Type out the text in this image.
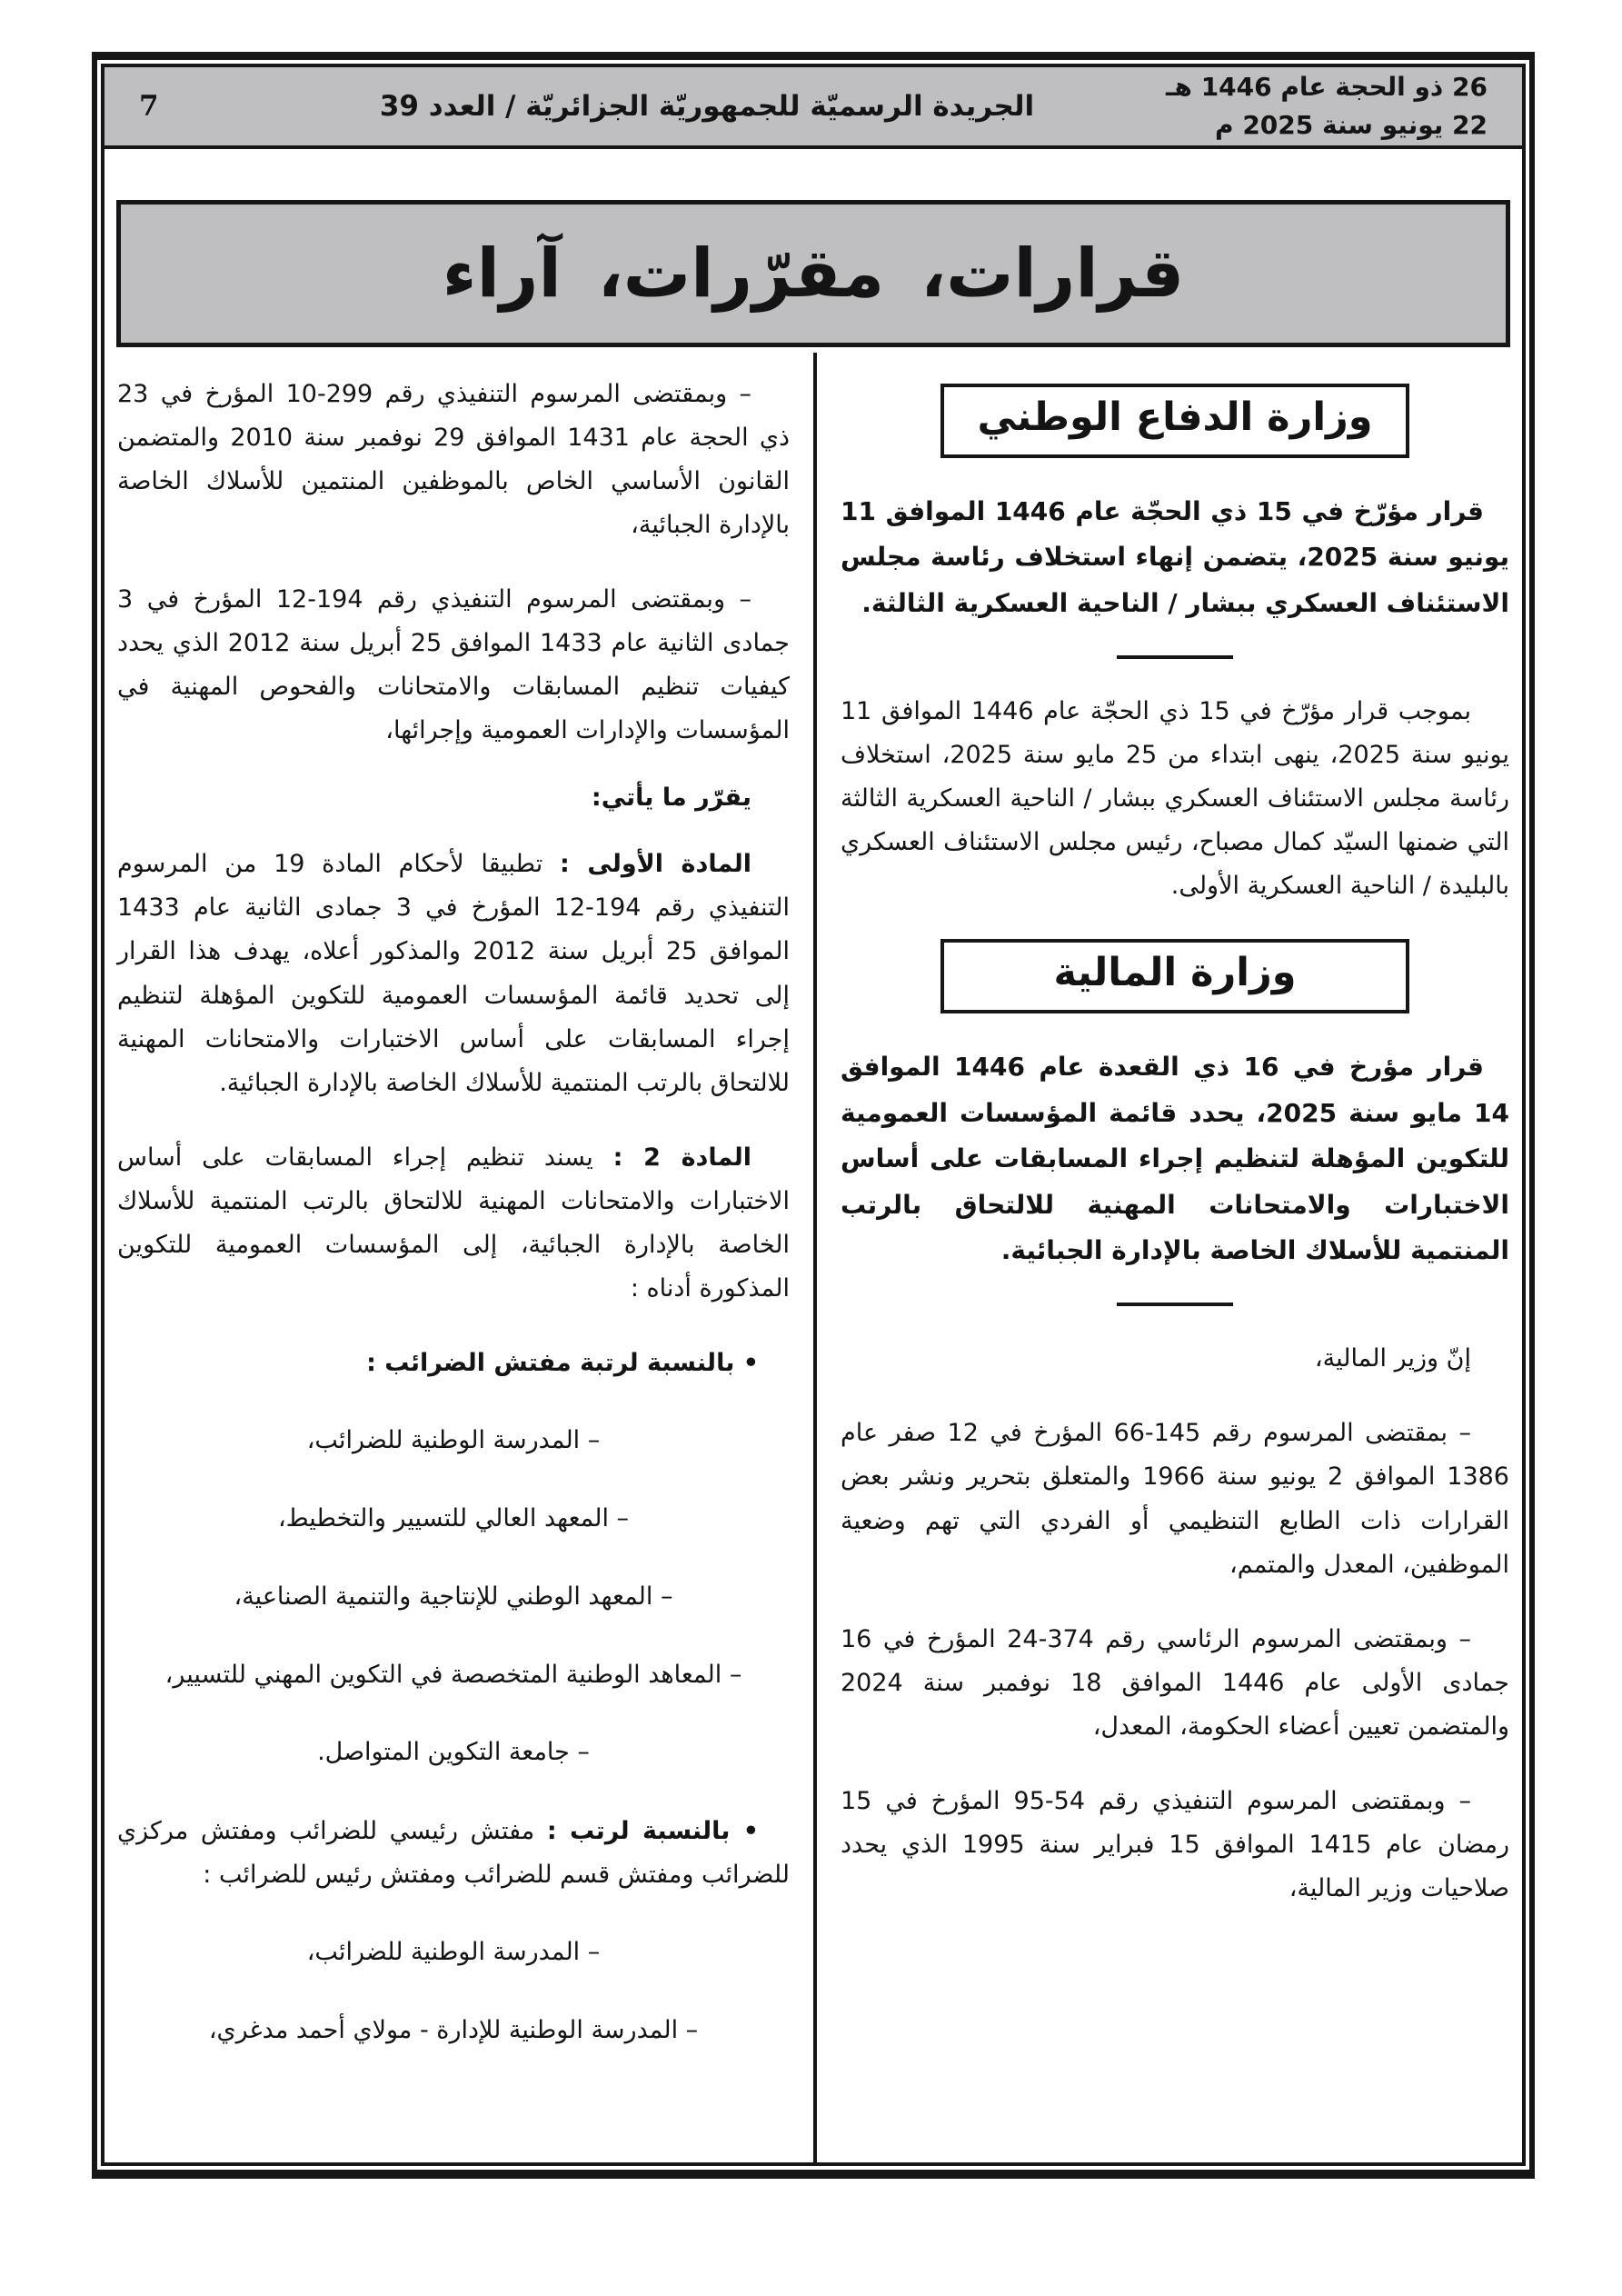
7	الجريدة الرسميّة للجمهوريّة الجزائريّة / العدد 39
26 ذو الحجة عام 1446 هـ
22 يونيو سنة 2025 م
قرارات، مقرّرات، آراء
وزارة الدفاع الوطني

قرار مؤرّخ في 15 ذي الحجّة عام 1446 الموافق 11 يونيو سنة 2025، يتضمن إنهاء استخلاف رئاسة مجلس الاستئناف العسكري ببشار / الناحية العسكرية الثالثة.

بموجب قرار مؤرّخ في 15 ذي الحجّة عام 1446 الموافق 11 يونيو سنة 2025، ينهى ابتداء من 25 مايو سنة 2025، استخلاف رئاسة مجلس الاستئناف العسكري ببشار / الناحية العسكرية الثالثة التي ضمنها السيّد كمال مصباح، رئيس مجلس الاستئناف العسكري بالبليدة / الناحية العسكرية الأولى.

وزارة المالية

قرار مؤرخ في 16 ذي القعدة عام 1446 الموافق 14 مايو سنة 2025، يحدد قائمة المؤسسات العمومية للتكوين المؤهلة لتنظيم إجراء المسابقات على أساس الاختبارات والامتحانات المهنية للالتحاق بالرتب المنتمية للأسلاك الخاصة بالإدارة الجبائية.

إنّ وزير المالية،

– بمقتضى المرسوم رقم 145-66 المؤرخ في 12 صفر عام 1386 الموافق 2 يونيو سنة 1966 والمتعلق بتحرير ونشر بعض القرارات ذات الطابع التنظيمي أو الفردي التي تهم وضعية الموظفين، المعدل والمتمم،

– وبمقتضى المرسوم الرئاسي رقم 374-24 المؤرخ في 16 جمادى الأولى عام 1446 الموافق 18 نوفمبر سنة 2024 والمتضمن تعيين أعضاء الحكومة، المعدل،

– وبمقتضى المرسوم التنفيذي رقم 54-95 المؤرخ في 15 رمضان عام 1415 الموافق 15 فبراير سنة 1995 الذي يحدد صلاحيات وزير المالية،

– وبمقتضى المرسوم التنفيذي رقم 299-10 المؤرخ في 23 ذي الحجة عام 1431 الموافق 29 نوفمبر سنة 2010 والمتضمن القانون الأساسي الخاص بالموظفين المنتمين للأسلاك الخاصة بالإدارة الجبائية،

– وبمقتضى المرسوم التنفيذي رقم 194-12 المؤرخ في 3 جمادى الثانية عام 1433 الموافق 25 أبريل سنة 2012 الذي يحدد كيفيات تنظيم المسابقات والامتحانات والفحوص المهنية في المؤسسات والإدارات العمومية وإجرائها،

يقرّر ما يأتي:

المادة الأولى : تطبيقا لأحكام المادة 19 من المرسوم التنفيذي رقم 194-12 المؤرخ في 3 جمادى الثانية عام 1433 الموافق 25 أبريل سنة 2012 والمذكور أعلاه، يهدف هذا القرار إلى تحديد قائمة المؤسسات العمومية للتكوين المؤهلة لتنظيم إجراء المسابقات على أساس الاختبارات والامتحانات المهنية للالتحاق بالرتب المنتمية للأسلاك الخاصة بالإدارة الجبائية.

المادة 2 : يسند تنظيم إجراء المسابقات على أساس الاختبارات والامتحانات المهنية للالتحاق بالرتب المنتمية للأسلاك الخاصة بالإدارة الجبائية، إلى المؤسسات العمومية للتكوين المذكورة أدناه :

• بالنسبة لرتبة مفتش الضرائب :

– المدرسة الوطنية للضرائب،

– المعهد العالي للتسيير والتخطيط،

– المعهد الوطني للإنتاجية والتنمية الصناعية،

– المعاهد الوطنية المتخصصة في التكوين المهني للتسيير،

– جامعة التكوين المتواصل.

• بالنسبة لرتب : مفتش رئيسي للضرائب ومفتش مركزي للضرائب ومفتش قسم للضرائب ومفتش رئيس للضرائب :

– المدرسة الوطنية للضرائب،

– المدرسة الوطنية للإدارة - مولاي أحمد مدغري،
